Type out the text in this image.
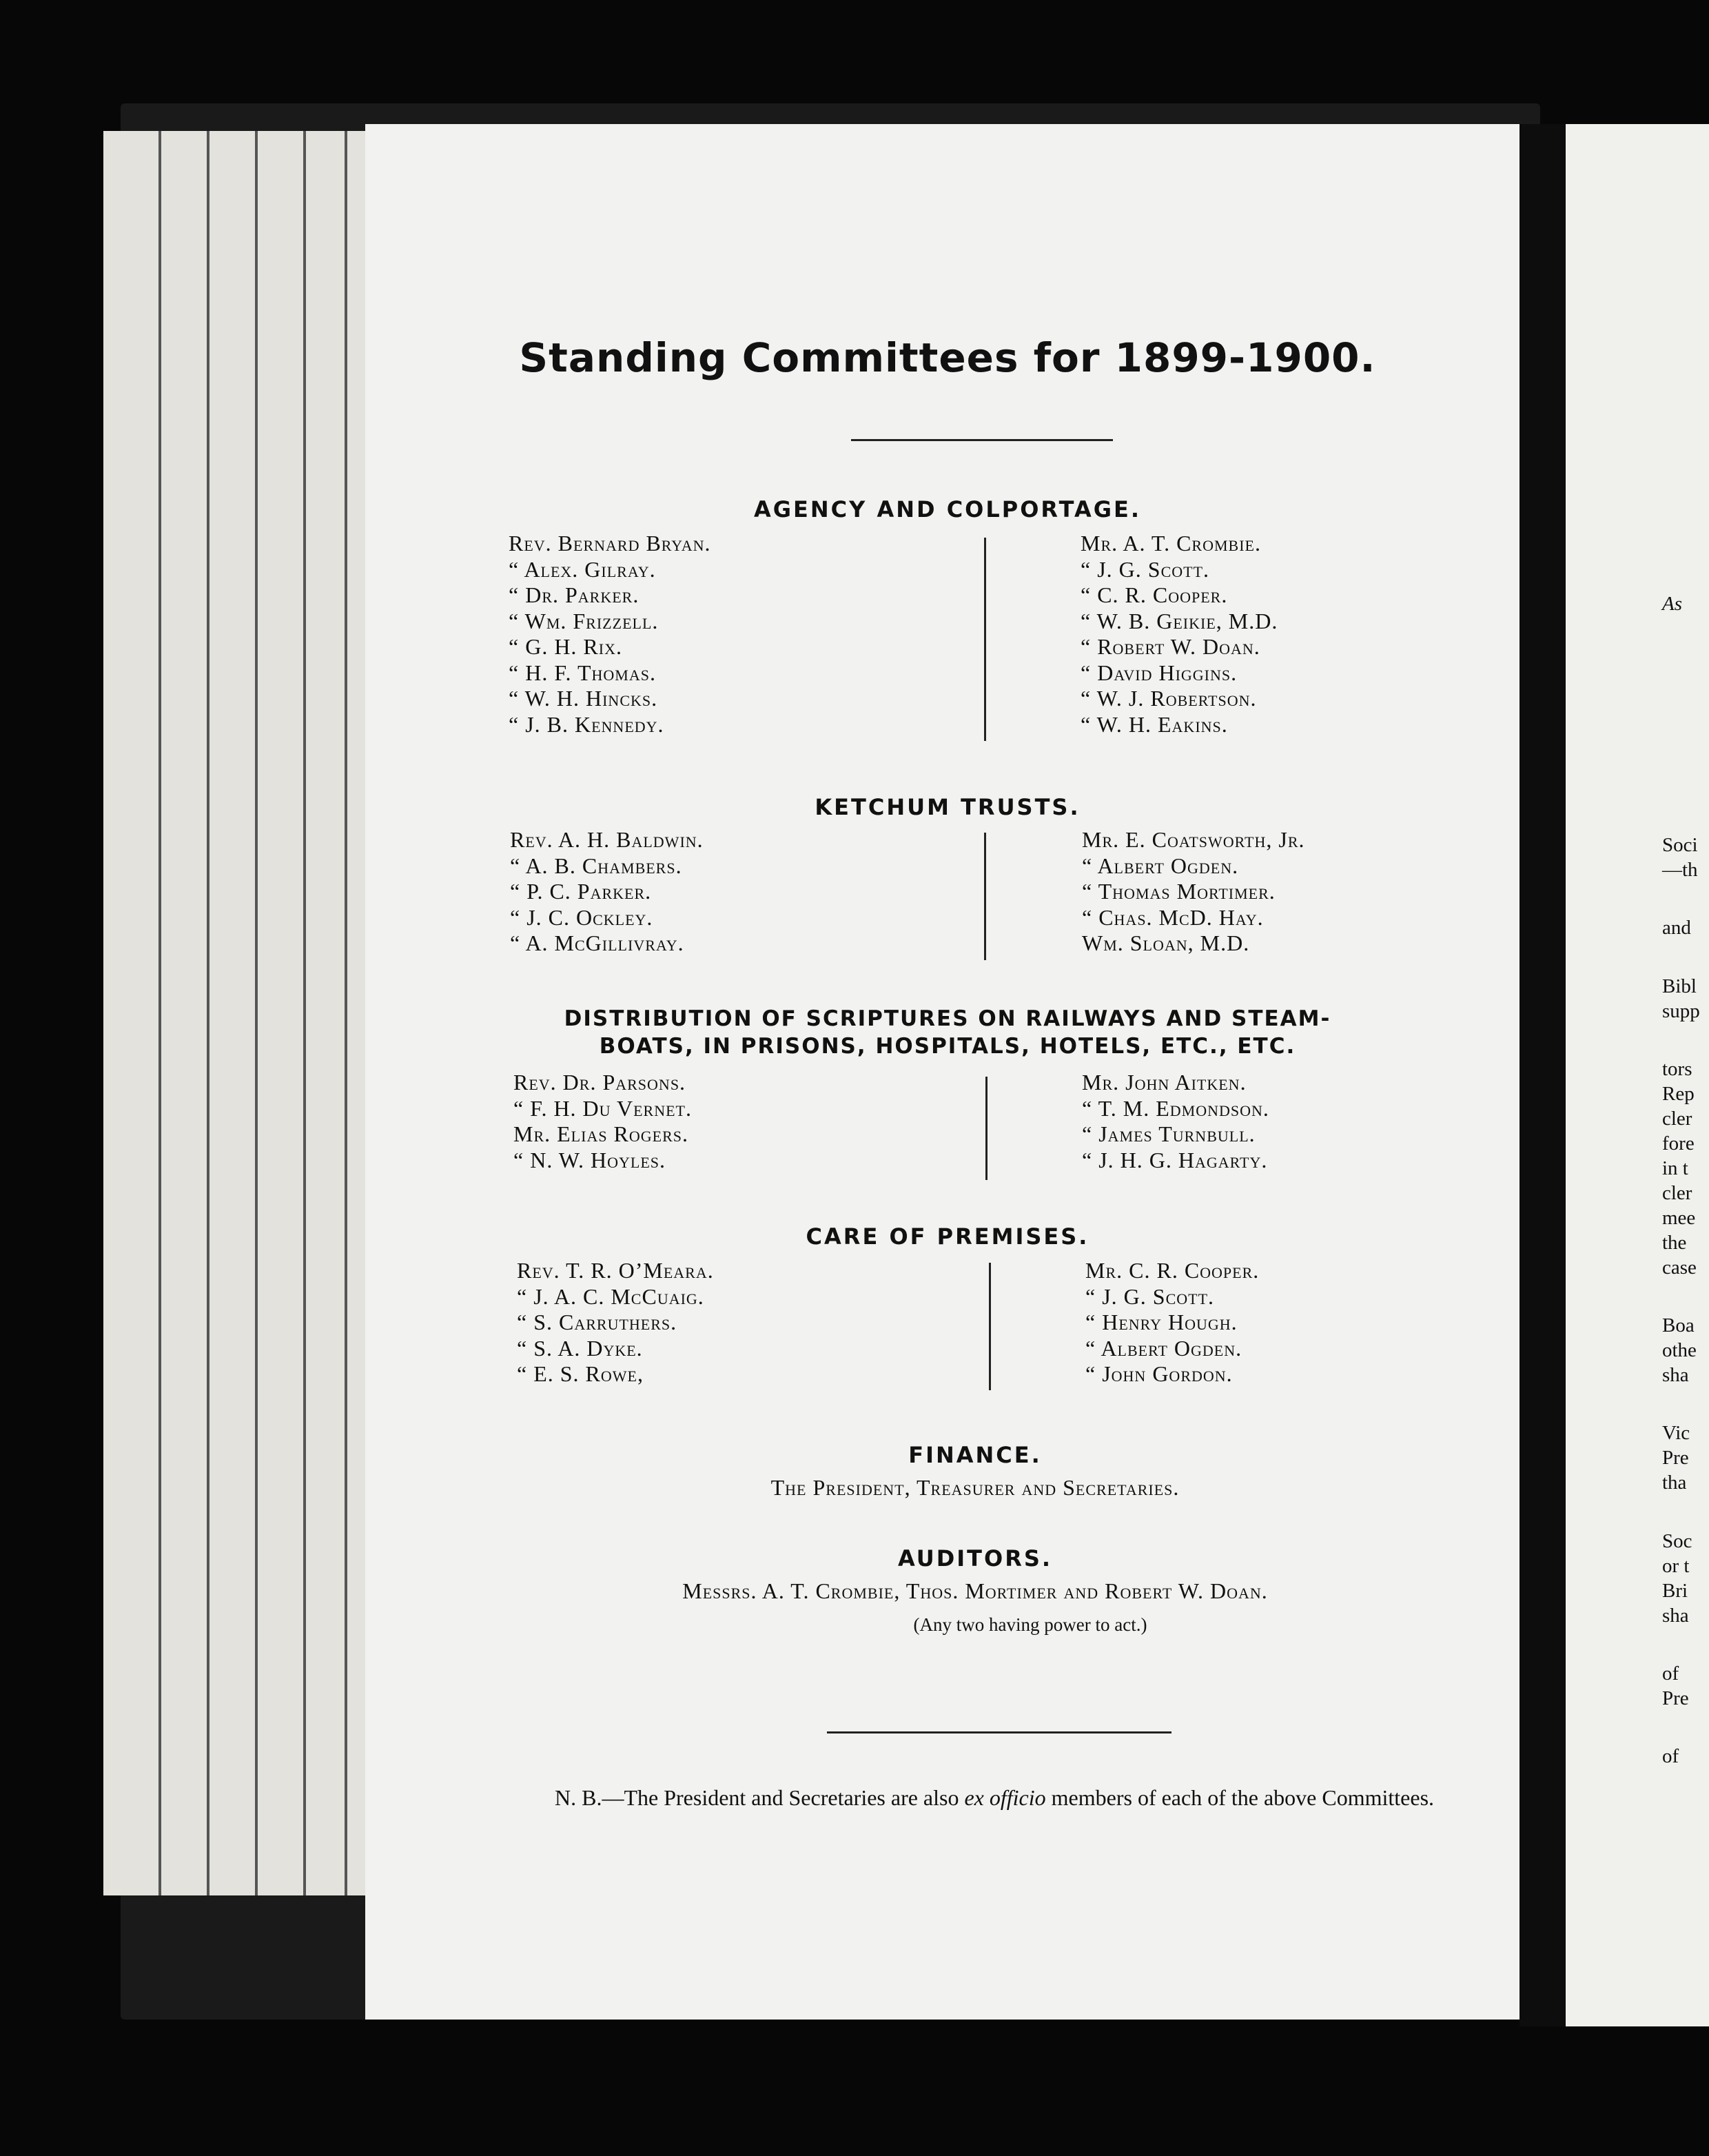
Standing Committees for 1899-1900.
AGENCY AND COLPORTAGE.
Rev. Bernard Bryan.
“ Alex. Gilray.
“ Dr. Parker.
“ Wm. Frizzell.
“ G. H. Rix.
“ H. F. Thomas.
“ W. H. Hincks.
“ J. B. Kennedy.
Mr. A. T. Crombie.
“ J. G. Scott.
“ C. R. Cooper.
“ W. B. Geikie, M.D.
“ Robert W. Doan.
“ David Higgins.
“ W. J. Robertson.
“ W. H. Eakins.
KETCHUM TRUSTS.
Rev. A. H. Baldwin.
“ A. B. Chambers.
“ P. C. Parker.
“ J. C. Ockley.
“ A. McGillivray.
Mr. E. Coatsworth, Jr.
“ Albert Ogden.
“ Thomas Mortimer.
“ Chas. McD. Hay.
Wm. Sloan, M.D.
DISTRIBUTION OF SCRIPTURES ON RAILWAYS AND STEAM-
BOATS, IN PRISONS, HOSPITALS, HOTELS, ETC., ETC.
Rev. Dr. Parsons.
“ F. H. Du Vernet.
Mr. Elias Rogers.
“ N. W. Hoyles.
Mr. John Aitken.
“ T. M. Edmondson.
“ James Turnbull.
“ J. H. G. Hagarty.
CARE OF PREMISES.
Rev. T. R. O’Meara.
“ J. A. C. McCuaig.
“ S. Carruthers.
“ S. A. Dyke.
“ E. S. Rowe,
Mr. C. R. Cooper.
“ J. G. Scott.
“ Henry Hough.
“ Albert Ogden.
“ John Gordon.
FINANCE.
The President, Treasurer and Secretaries.
AUDITORS.
Messrs. A. T. Crombie, Thos. Mortimer and Robert W. Doan.
(Any two having power to act.)
N. B.—The President and Secretaries are also ex officio members of each of the above Committees.
As
Soci
—th
and
Bibl
supp
tors
Rep
cler
fore
in t
cler
mee
the
case
Boa
othe
sha
Vic
Pre
tha
Soc
or t
Bri
sha
of
Pre
of
